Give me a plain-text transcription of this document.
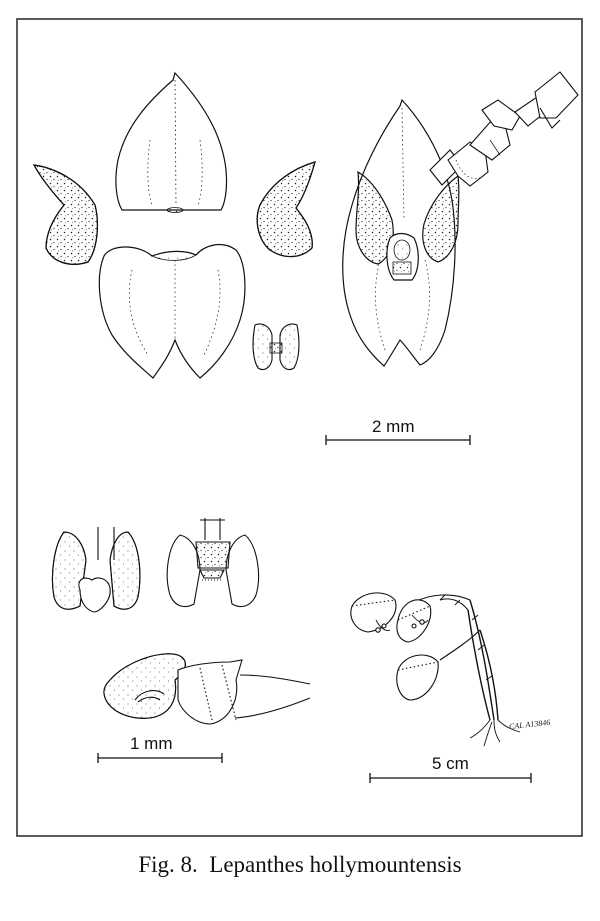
2 mm
1 mm
5 cm
CAL A13846
Fig. 8. Lepanthes hollymountensis
